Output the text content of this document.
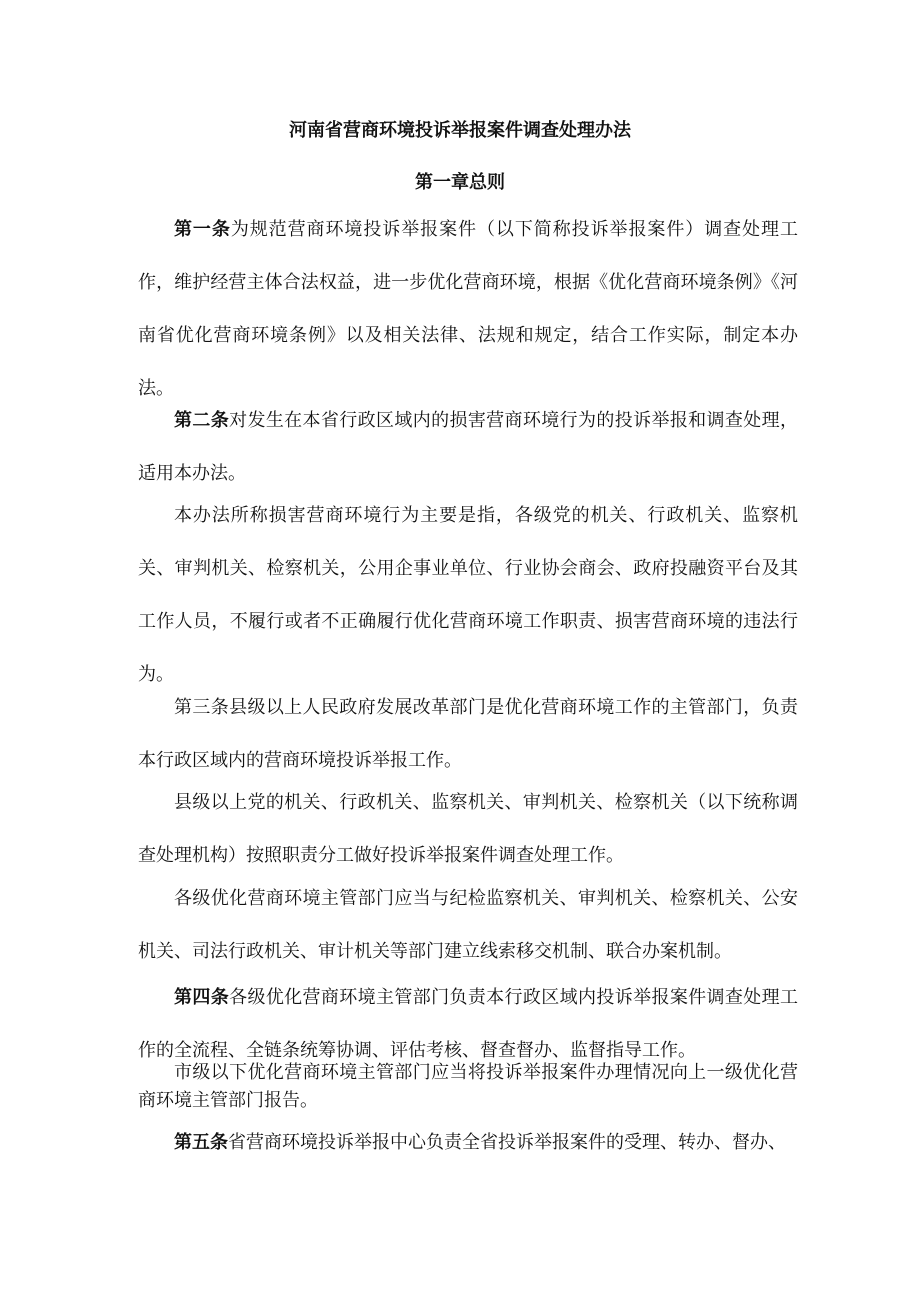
河南省营商环境投诉举报案件调查处理办法
第一章总则
第一条为规范营商环境投诉举报案件（以下简称投诉举报案件）调查处理工作，维护经营主体合法权益，进一步优化营商环境，根据《优化营商环境条例》《河南省优化营商环境条例》以及相关法律、法规和规定，结合工作实际，制定本办法。
第二条对发生在本省行政区域内的损害营商环境行为的投诉举报和调查处理，适用本办法。
本办法所称损害营商环境行为主要是指，各级党的机关、行政机关、监察机关、审判机关、检察机关，公用企事业单位、行业协会商会、政府投融资平台及其工作人员，不履行或者不正确履行优化营商环境工作职责、损害营商环境的违法行为。
第三条县级以上人民政府发展改革部门是优化营商环境工作的主管部门，负责本行政区域内的营商环境投诉举报工作。
县级以上党的机关、行政机关、监察机关、审判机关、检察机关（以下统称调查处理机构）按照职责分工做好投诉举报案件调查处理工作。
各级优化营商环境主管部门应当与纪检监察机关、审判机关、检察机关、公安机关、司法行政机关、审计机关等部门建立线索移交机制、联合办案机制。
第四条各级优化营商环境主管部门负责本行政区域内投诉举报案件调查处理工作的全流程、全链条统筹协调、评估考核、督查督办、监督指导工作。
市级以下优化营商环境主管部门应当将投诉举报案件办理情况向上一级优化营商环境主管部门报告。
第五条省营商环境投诉举报中心负责全省投诉举报案件的受理、转办、督办、
